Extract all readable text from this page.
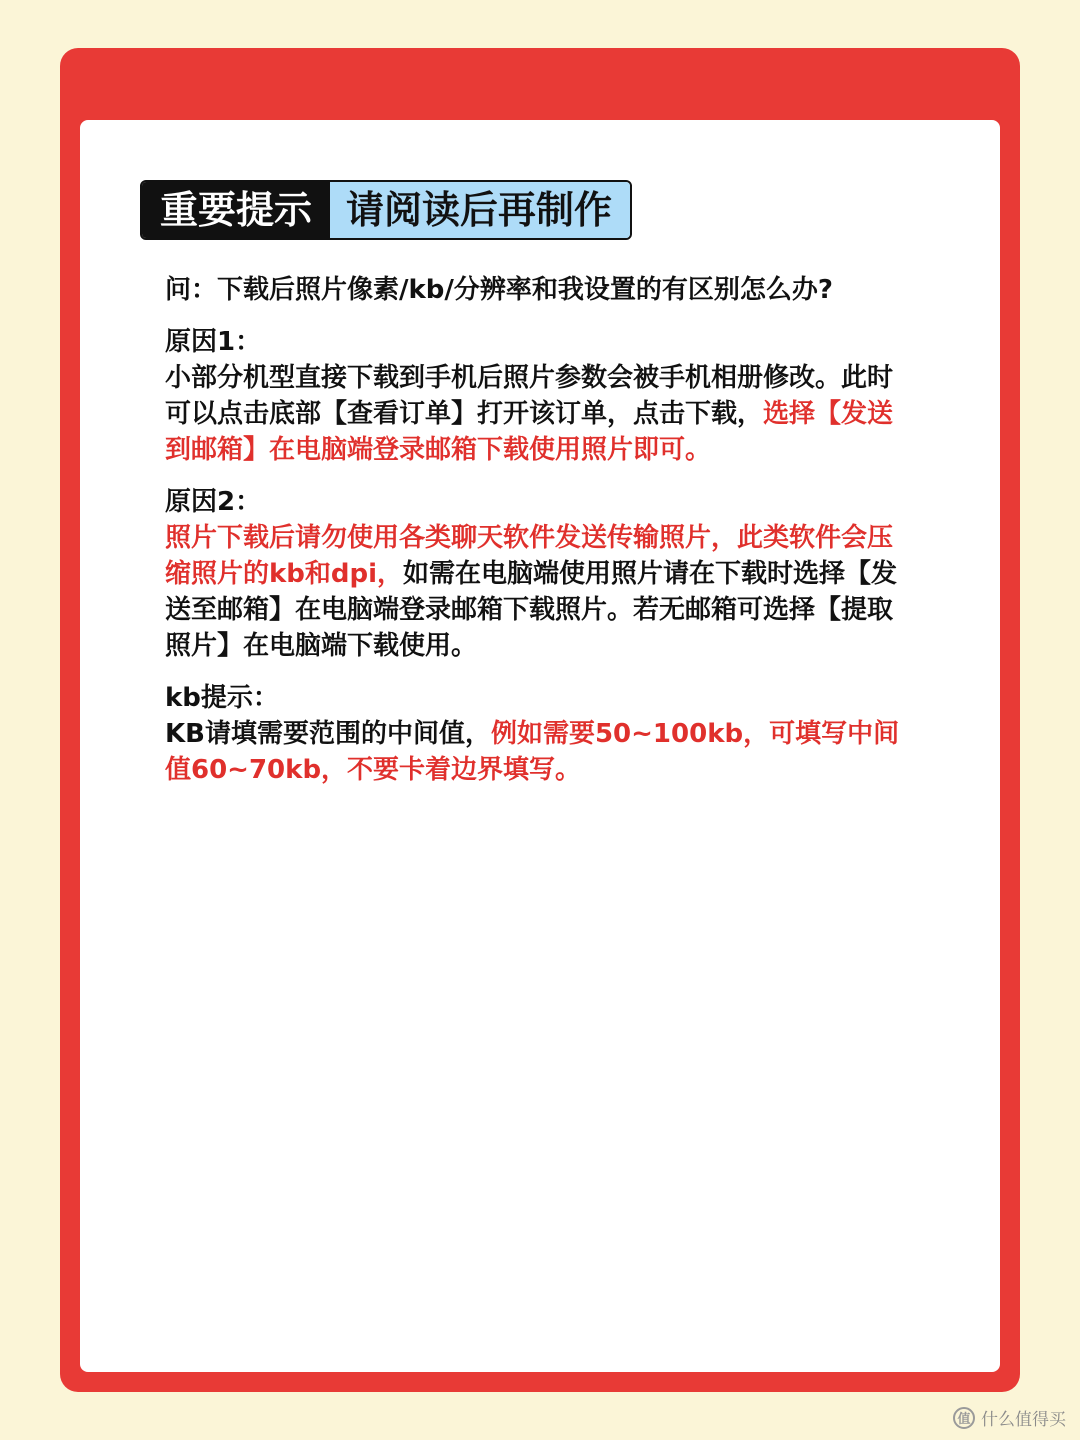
重要提示 请阅读后再制作

问：下载后照片像素/kb/分辨率和我设置的有区别怎么办?

原因1：

小部分机型直接下载到手机后照片参数会被手机相册修改。此时可以点击底部【查看订单】打开该订单，点击下载，选择【发送到邮箱】在电脑端登录邮箱下载使用照片即可。

原因2：

照片下载后请勿使用各类聊天软件发送传输照片，此类软件会压缩照片的kb和dpi，如需在电脑端使用照片请在下载时选择【发送至邮箱】在电脑端登录邮箱下载照片。若无邮箱可选择【提取照片】在电脑端下载使用。

kb提示：

KB请填需要范围的中间值，例如需要50~100kb，可填写中间值60~70kb，不要卡着边界填写。

值 什么值得买
